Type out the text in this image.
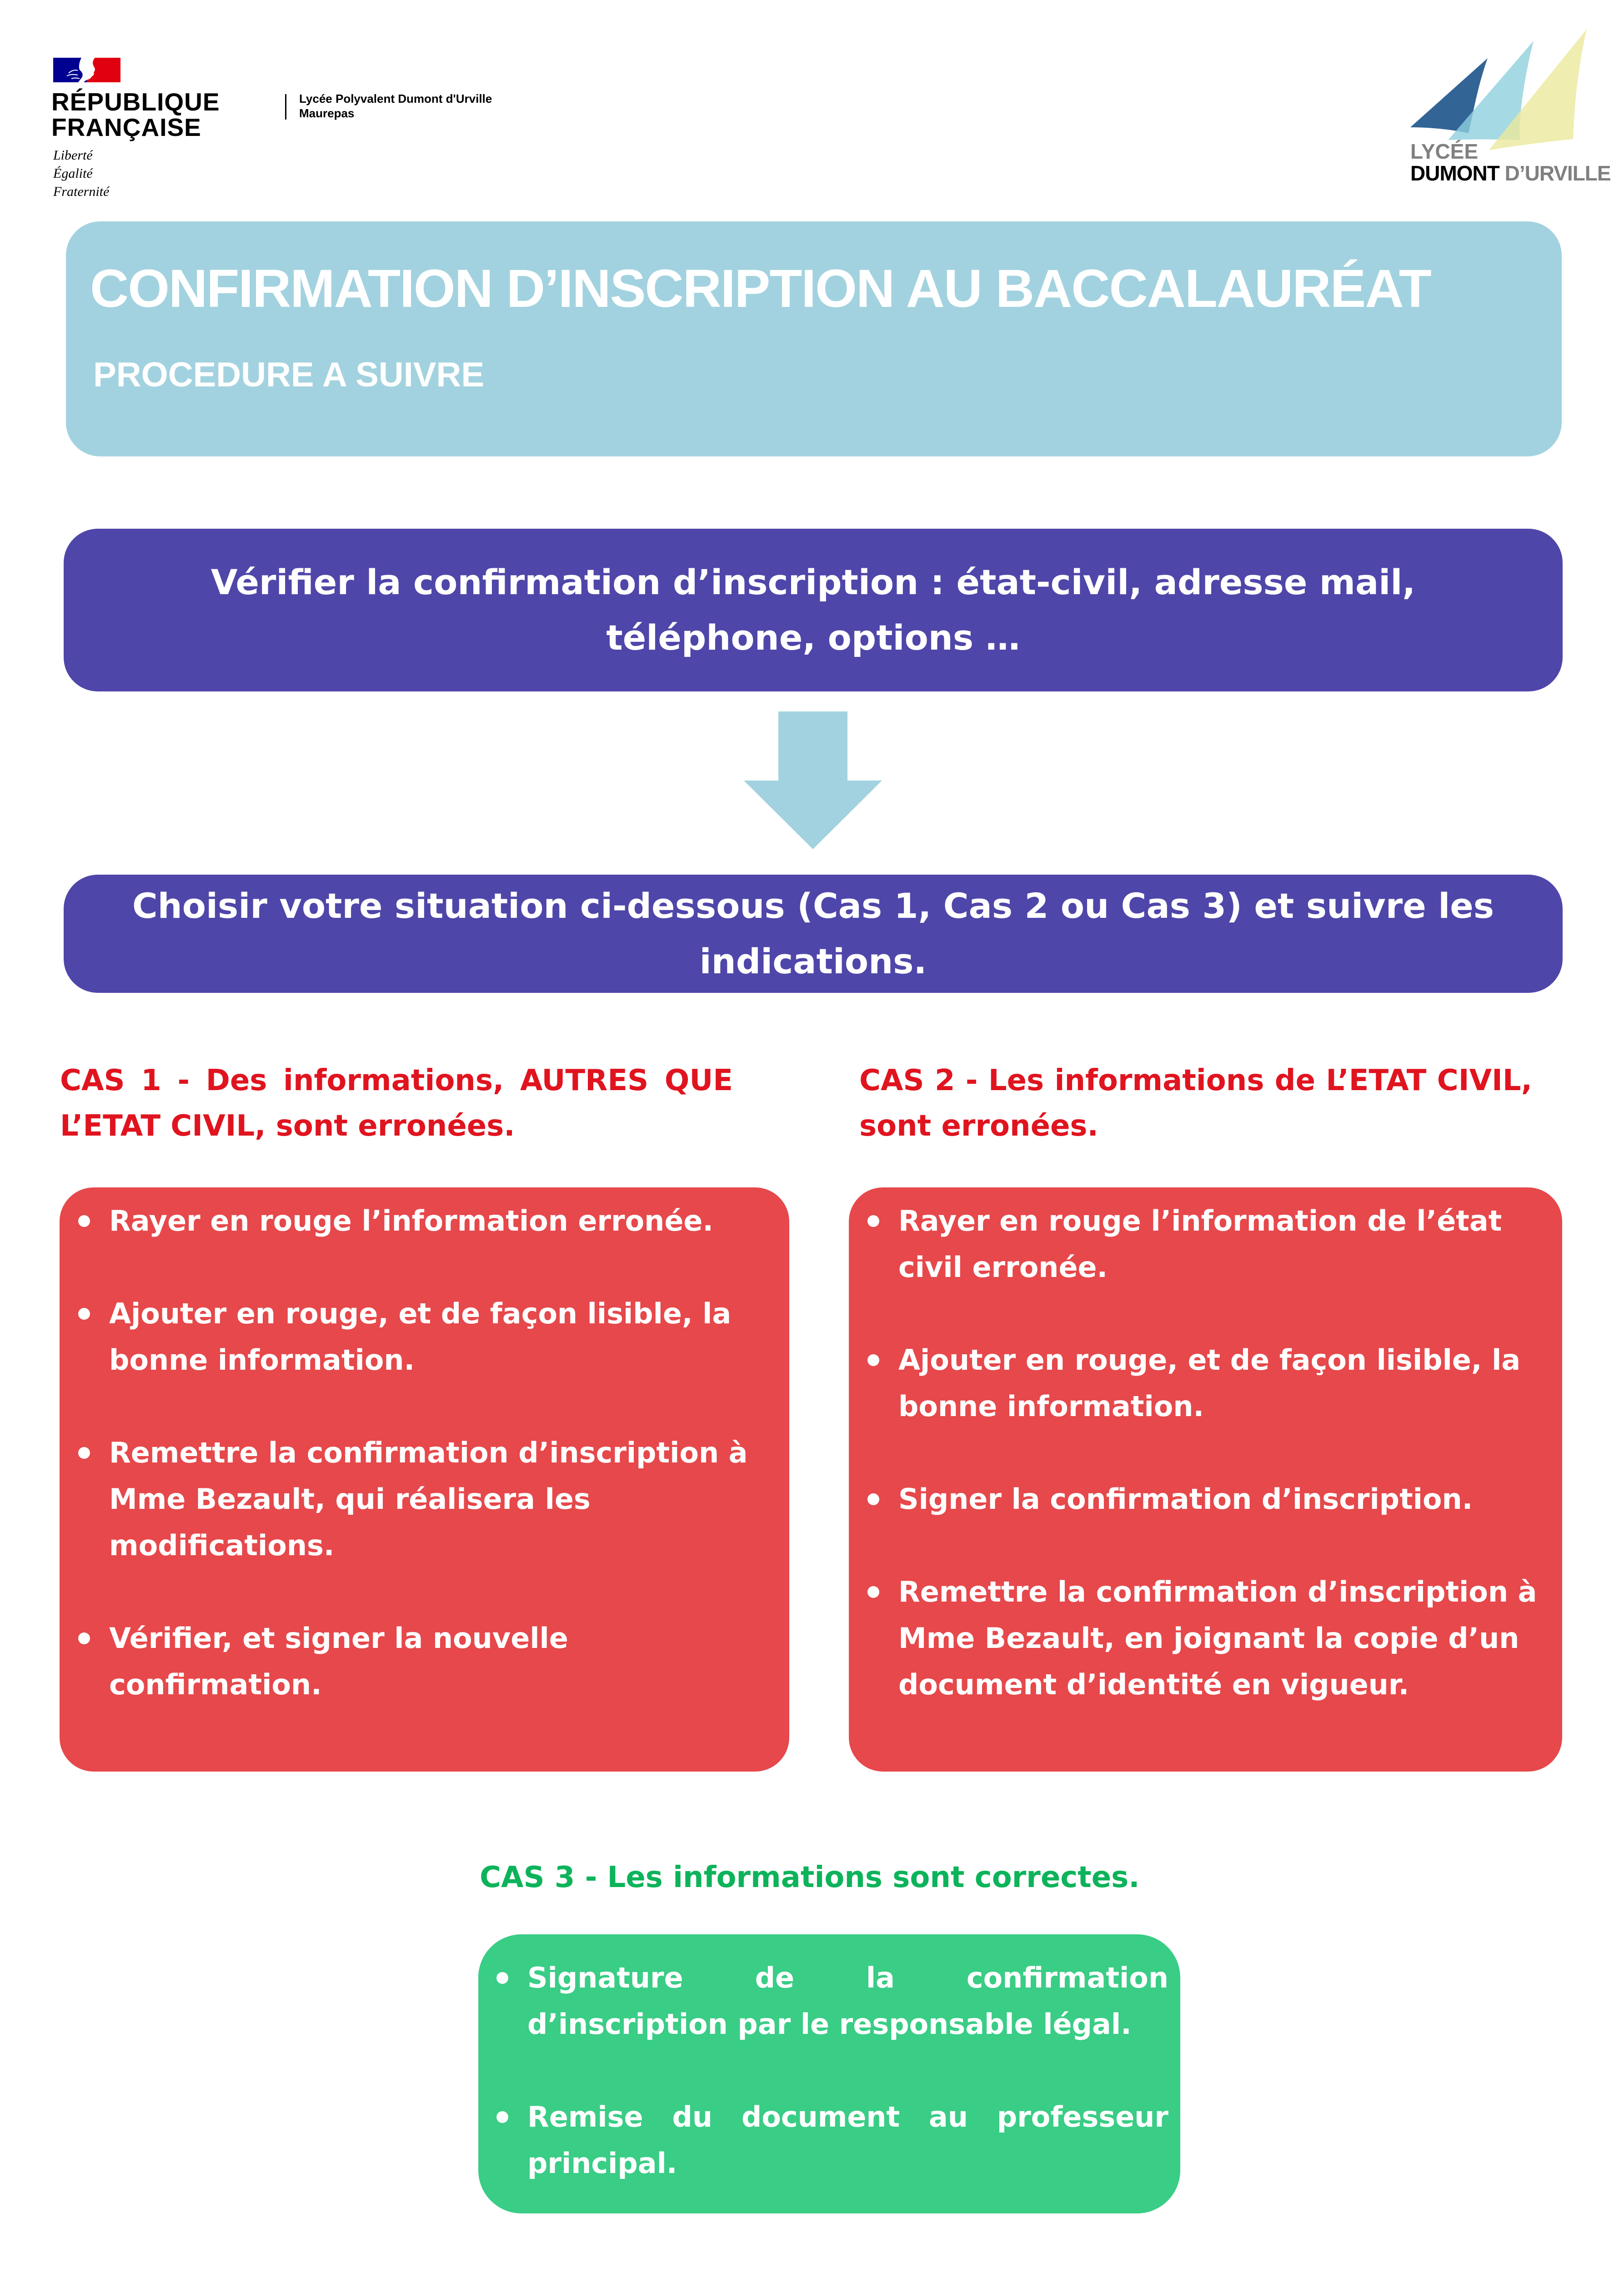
RÉPUBLIQUE
FRANÇAISE
Liberté
Égalité
Fraternité
Lycée Polyvalent Dumont d'Urville
Maurepas
LYCÉE
DUMONT D’URVILLE
CONFIRMATION D’INSCRIPTION AU BACCALAURÉAT
PROCEDURE A SUIVRE
Vérifier la confirmation d’inscription : état-civil, adresse mail, téléphone, options …
Choisir votre situation ci-dessous (Cas 1, Cas 2 ou Cas 3) et suivre les indications.
CAS 1 - Des informations, AUTRES QUE L’ETAT CIVIL, sont erronées.
Rayer en rouge l’information erronée.
Ajouter en rouge, et de façon lisible, la bonne information.
Remettre la confirmation d’inscription à Mme Bezault, qui réalisera les modifications.
Vérifier, et signer la nouvelle confirmation.
CAS 2 - Les informations de L’ETAT CIVIL, sont erronées.
Rayer en rouge l’information de l’état civil erronée.
Ajouter en rouge, et de façon lisible, la bonne information.
Signer la confirmation d’inscription.
Remettre la confirmation d’inscription à Mme Bezault, en joignant la copie d’un document d’identité en vigueur.
CAS 3 - Les informations sont correctes.
Signature de la confirmation d’inscription par le responsable légal.
Remise du document au professeur principal.
